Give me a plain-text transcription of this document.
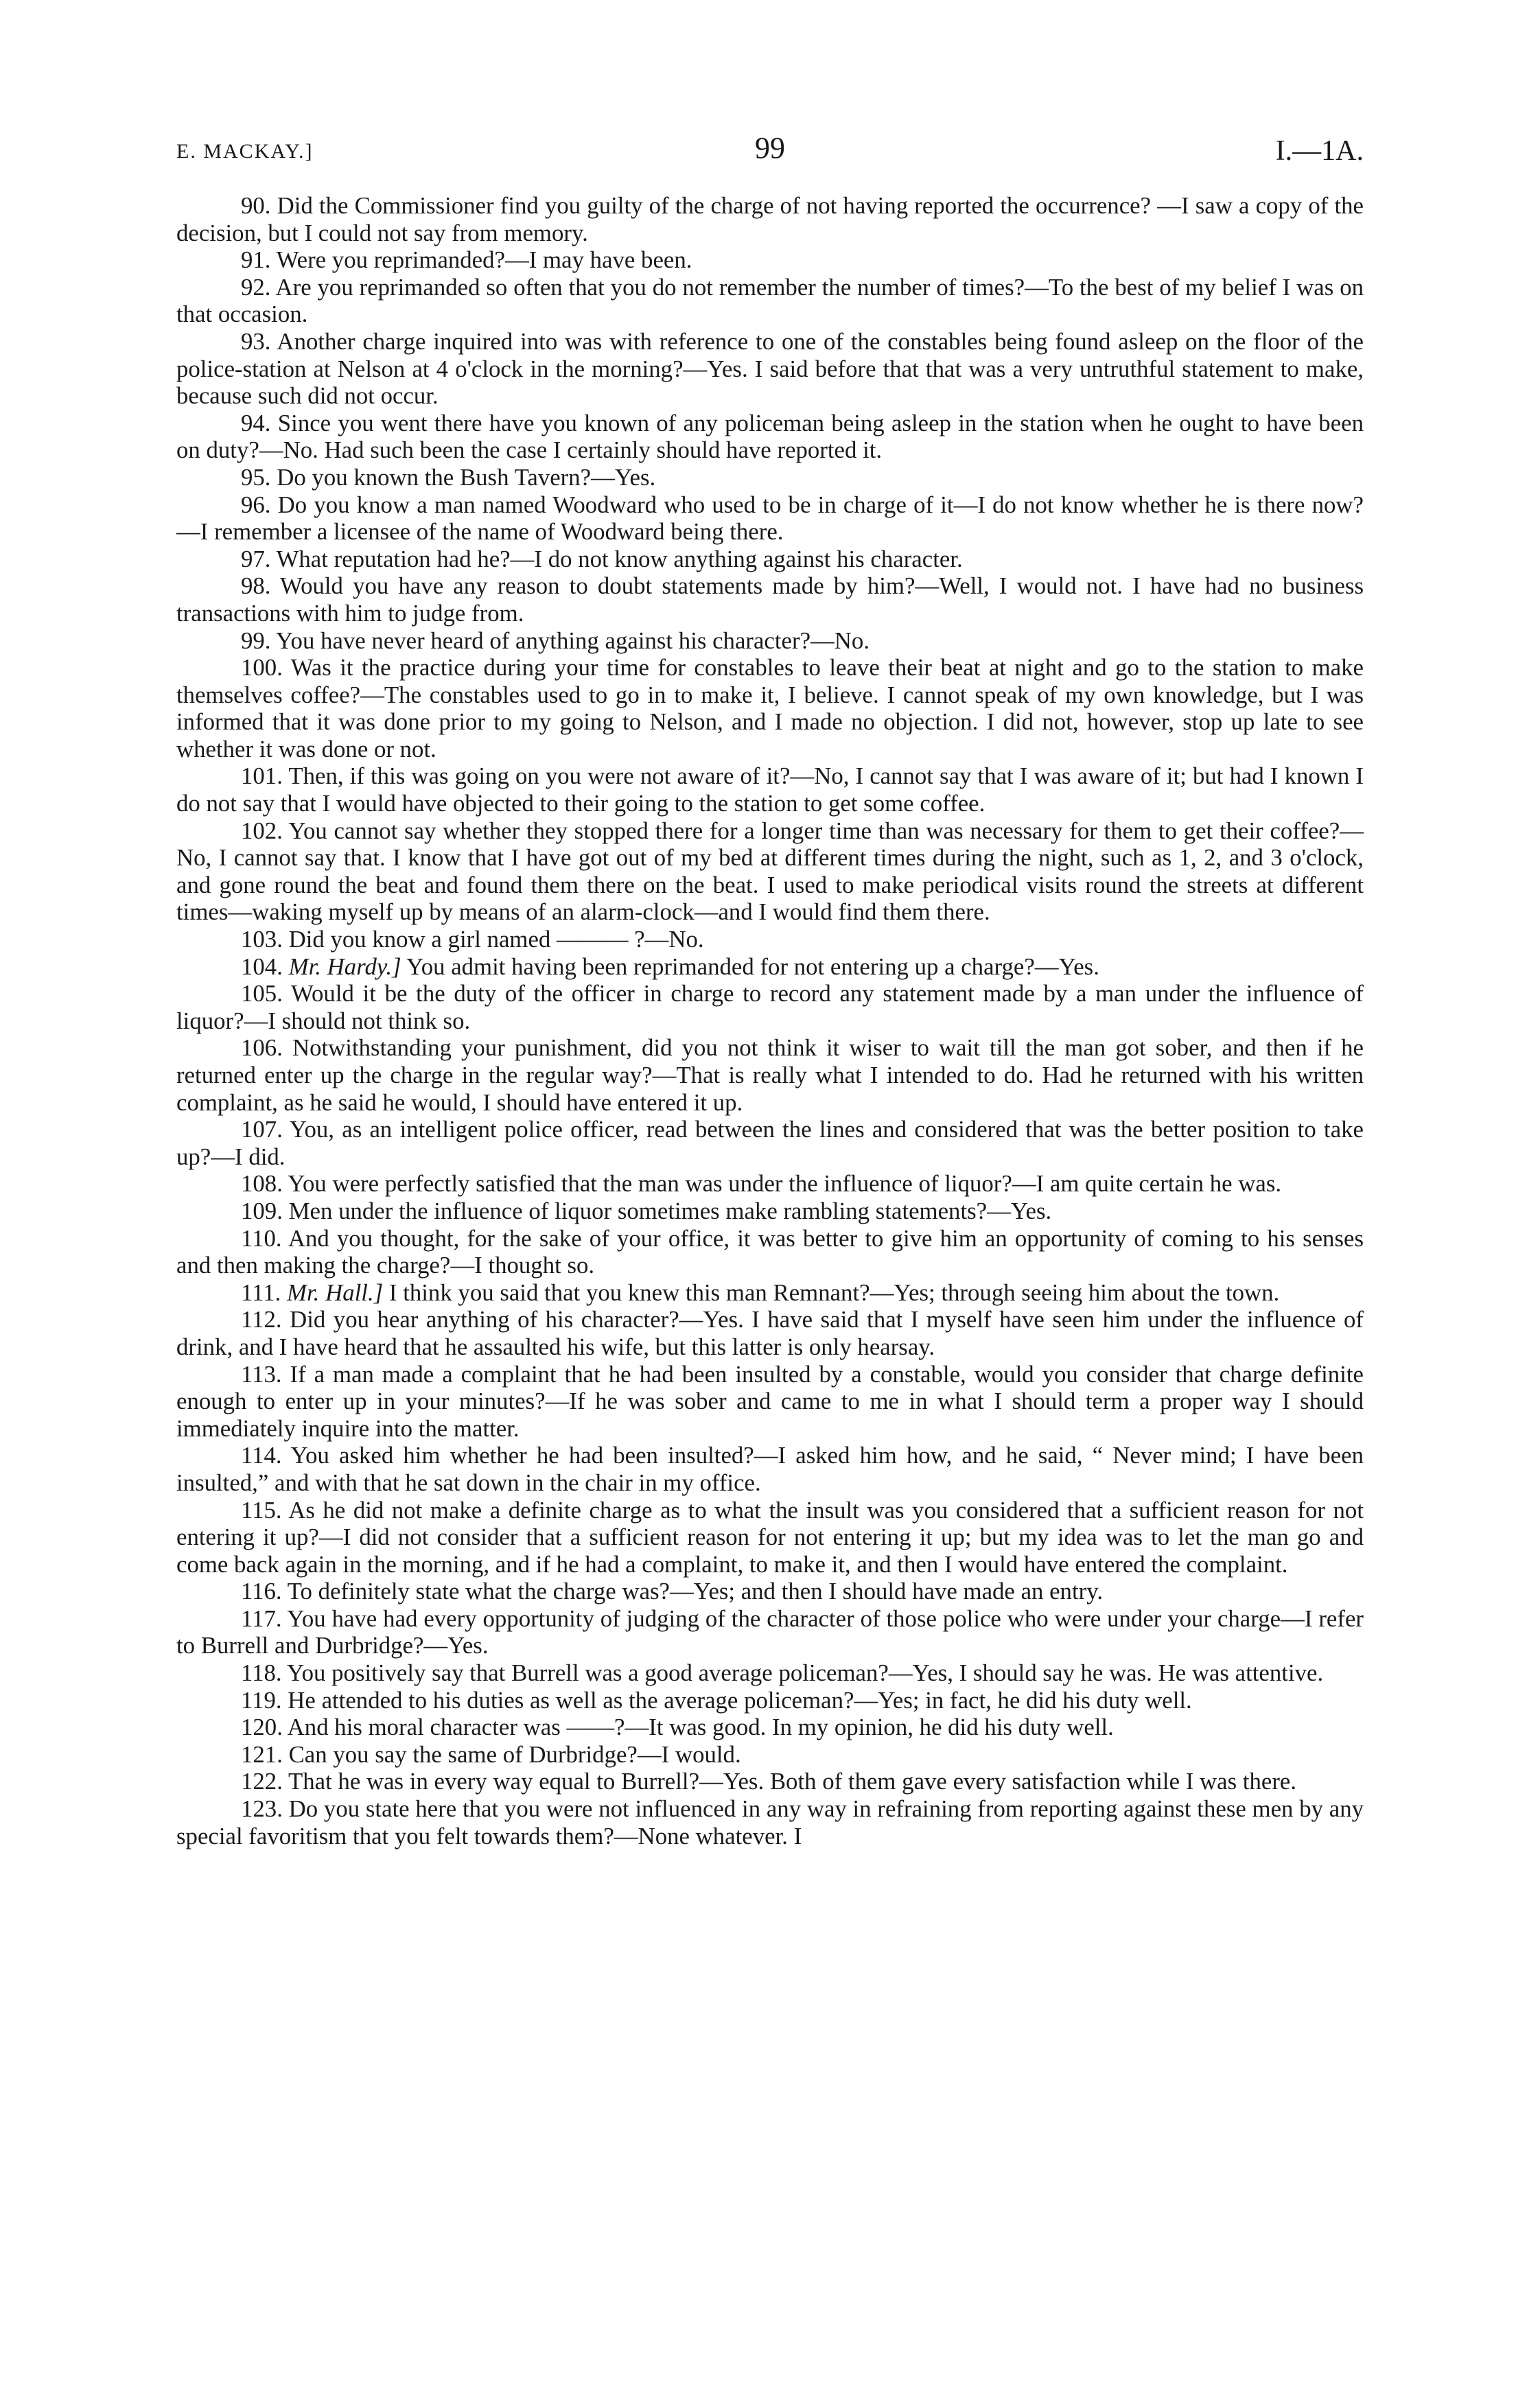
E. MACKAY.]	99	I.—1A.

90. Did the Commissioner find you guilty of the charge of not having reported the occurrence? —I saw a copy of the decision, but I could not say from memory.

91. Were you reprimanded?—I may have been.

92. Are you reprimanded so often that you do not remember the number of times?—To the best of my belief I was on that occasion.

93. Another charge inquired into was with reference to one of the constables being found asleep on the floor of the police-station at Nelson at 4 o'clock in the morning?—Yes. I said before that that was a very untruthful statement to make, because such did not occur.

94. Since you went there have you known of any policeman being asleep in the station when he ought to have been on duty?—No. Had such been the case I certainly should have reported it.

95. Do you known the Bush Tavern?—Yes.

96. Do you know a man named Woodward who used to be in charge of it—I do not know whether he is there now?—I remember a licensee of the name of Woodward being there.

97. What reputation had he?—I do not know anything against his character.

98. Would you have any reason to doubt statements made by him?—Well, I would not. I have had no business transactions with him to judge from.

99. You have never heard of anything against his character?—No.

100. Was it the practice during your time for constables to leave their beat at night and go to the station to make themselves coffee?—The constables used to go in to make it, I believe. I cannot speak of my own knowledge, but I was informed that it was done prior to my going to Nelson, and I made no objection. I did not, however, stop up late to see whether it was done or not.

101. Then, if this was going on you were not aware of it?—No, I cannot say that I was aware of it; but had I known I do not say that I would have objected to their going to the station to get some coffee.

102. You cannot say whether they stopped there for a longer time than was necessary for them to get their coffee?—No, I cannot say that. I know that I have got out of my bed at different times during the night, such as 1, 2, and 3 o'clock, and gone round the beat and found them there on the beat. I used to make periodical visits round the streets at different times—waking myself up by means of an alarm-clock—and I would find them there.

103. Did you know a girl named ——— ?—No.

104. Mr. Hardy.] You admit having been reprimanded for not entering up a charge?—Yes.

105. Would it be the duty of the officer in charge to record any statement made by a man under the influence of liquor?—I should not think so.

106. Notwithstanding your punishment, did you not think it wiser to wait till the man got sober, and then if he returned enter up the charge in the regular way?—That is really what I intended to do. Had he returned with his written complaint, as he said he would, I should have entered it up.

107. You, as an intelligent police officer, read between the lines and considered that was the better position to take up?—I did.

108. You were perfectly satisfied that the man was under the influence of liquor?—I am quite certain he was.

109. Men under the influence of liquor sometimes make rambling statements?—Yes.

110. And you thought, for the sake of your office, it was better to give him an opportunity of coming to his senses and then making the charge?—I thought so.

111. Mr. Hall.] I think you said that you knew this man Remnant?—Yes; through seeing him about the town.

112. Did you hear anything of his character?—Yes. I have said that I myself have seen him under the influence of drink, and I have heard that he assaulted his wife, but this latter is only hearsay.

113. If a man made a complaint that he had been insulted by a constable, would you consider that charge definite enough to enter up in your minutes?—If he was sober and came to me in what I should term a proper way I should immediately inquire into the matter.

114. You asked him whether he had been insulted?—I asked him how, and he said, “ Never mind; I have been insulted,” and with that he sat down in the chair in my office.

115. As he did not make a definite charge as to what the insult was you considered that a sufficient reason for not entering it up?—I did not consider that a sufficient reason for not entering it up; but my idea was to let the man go and come back again in the morning, and if he had a complaint, to make it, and then I would have entered the complaint.

116. To definitely state what the charge was?—Yes; and then I should have made an entry.

117. You have had every opportunity of judging of the character of those police who were under your charge—I refer to Burrell and Durbridge?—Yes.

118. You positively say that Burrell was a good average policeman?—Yes, I should say he was. He was attentive.

119. He attended to his duties as well as the average policeman?—Yes; in fact, he did his duty well.

120. And his moral character was ——?—It was good. In my opinion, he did his duty well.

121. Can you say the same of Durbridge?—I would.

122. That he was in every way equal to Burrell?—Yes. Both of them gave every satisfaction while I was there.

123. Do you state here that you were not influenced in any way in refraining from reporting against these men by any special favoritism that you felt towards them?—None whatever. I
